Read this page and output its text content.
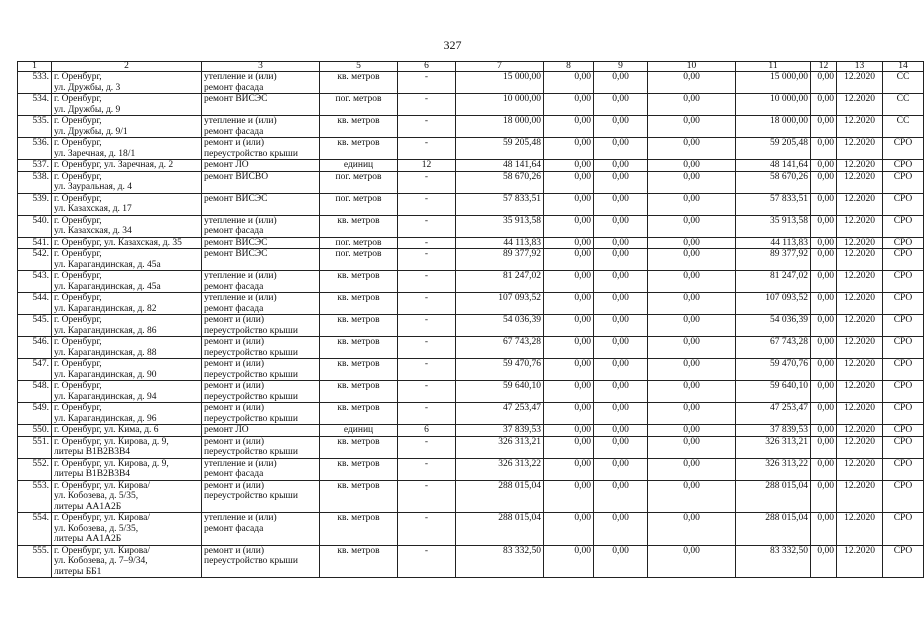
327
1	2	3	5	6	7	8	9	10	11	12	13	14
533.	г. Оренбург,
ул. Дружбы, д. 3	утепление и (или)
ремонт фасада	кв. метров	-	15 000,00	0,00	0,00	0,00	15 000,00	0,00	12.2020	СС
534.	г. Оренбург,
ул. Дружбы, д. 9	ремонт ВИСЭС	пог. метров	-	10 000,00	0,00	0,00	0,00	10 000,00	0,00	12.2020	СС
535.	г. Оренбург,
ул. Дружбы, д. 9/1	утепление и (или)
ремонт фасада	кв. метров	-	18 000,00	0,00	0,00	0,00	18 000,00	0,00	12.2020	СС
536.	г. Оренбург,
ул. Заречная, д. 18/1	ремонт и (или)
переустройство крыши	кв. метров	-	59 205,48	0,00	0,00	0,00	59 205,48	0,00	12.2020	СРО
537.	г. Оренбург, ул. Заречная, д. 2	ремонт ЛО	единиц	12	48 141,64	0,00	0,00	0,00	48 141,64	0,00	12.2020	СРО
538.	г. Оренбург,
ул. Зауральная, д. 4	ремонт ВИСВО	пог. метров	-	58 670,26	0,00	0,00	0,00	58 670,26	0,00	12.2020	СРО
539.	г. Оренбург,
ул. Казахская, д. 17	ремонт ВИСЭС	пог. метров	-	57 833,51	0,00	0,00	0,00	57 833,51	0,00	12.2020	СРО
540.	г. Оренбург,
ул. Казахская, д. 34	утепление и (или)
ремонт фасада	кв. метров	-	35 913,58	0,00	0,00	0,00	35 913,58	0,00	12.2020	СРО
541.	г. Оренбург, ул. Казахская, д. 35	ремонт ВИСЭС	пог. метров	-	44 113,83	0,00	0,00	0,00	44 113,83	0,00	12.2020	СРО
542.	г. Оренбург,
ул. Карагандинская, д. 45а	ремонт ВИСЭС	пог. метров	-	89 377,92	0,00	0,00	0,00	89 377,92	0,00	12.2020	СРО
543.	г. Оренбург,
ул. Карагандинская, д. 45а	утепление и (или)
ремонт фасада	кв. метров	-	81 247,02	0,00	0,00	0,00	81 247,02	0,00	12.2020	СРО
544.	г. Оренбург,
ул. Карагандинская, д. 82	утепление и (или)
ремонт фасада	кв. метров	-	107 093,52	0,00	0,00	0,00	107 093,52	0,00	12.2020	СРО
545.	г. Оренбург,
ул. Карагандинская, д. 86	ремонт и (или)
переустройство крыши	кв. метров	-	54 036,39	0,00	0,00	0,00	54 036,39	0,00	12.2020	СРО
546.	г. Оренбург,
ул. Карагандинская, д. 88	ремонт и (или)
переустройство крыши	кв. метров	-	67 743,28	0,00	0,00	0,00	67 743,28	0,00	12.2020	СРО
547.	г. Оренбург,
ул. Карагандинская, д. 90	ремонт и (или)
переустройство крыши	кв. метров	-	59 470,76	0,00	0,00	0,00	59 470,76	0,00	12.2020	СРО
548.	г. Оренбург,
ул. Карагандинская, д. 94	ремонт и (или)
переустройство крыши	кв. метров	-	59 640,10	0,00	0,00	0,00	59 640,10	0,00	12.2020	СРО
549.	г. Оренбург,
ул. Карагандинская, д. 96	ремонт и (или)
переустройство крыши	кв. метров	-	47 253,47	0,00	0,00	0,00	47 253,47	0,00	12.2020	СРО
550.	г. Оренбург, ул. Кима, д. 6	ремонт ЛО	единиц	6	37 839,53	0,00	0,00	0,00	37 839,53	0,00	12.2020	СРО
551.	г. Оренбург, ул. Кирова, д. 9,
литеры В1В2В3В4	ремонт и (или)
переустройство крыши	кв. метров	-	326 313,21	0,00	0,00	0,00	326 313,21	0,00	12.2020	СРО
552.	г. Оренбург, ул. Кирова, д. 9,
литеры В1В2В3В4	утепление и (или)
ремонт фасада	кв. метров	-	326 313,22	0,00	0,00	0,00	326 313,22	0,00	12.2020	СРО
553.	г. Оренбург, ул. Кирова/
ул. Кобозева, д. 5/35,
литеры АА1А2Б	ремонт и (или)
переустройство крыши	кв. метров	-	288 015,04	0,00	0,00	0,00	288 015,04	0,00	12.2020	СРО
554.	г. Оренбург, ул. Кирова/
ул. Кобозева, д. 5/35,
литеры АА1А2Б	утепление и (или)
ремонт фасада	кв. метров	-	288 015,04	0,00	0,00	0,00	288 015,04	0,00	12.2020	СРО
555.	г. Оренбург, ул. Кирова/
ул. Кобозева, д. 7–9/34,
литеры ББ1	ремонт и (или)
переустройство крыши	кв. метров	-	83 332,50	0,00	0,00	0,00	83 332,50	0,00	12.2020	СРО
